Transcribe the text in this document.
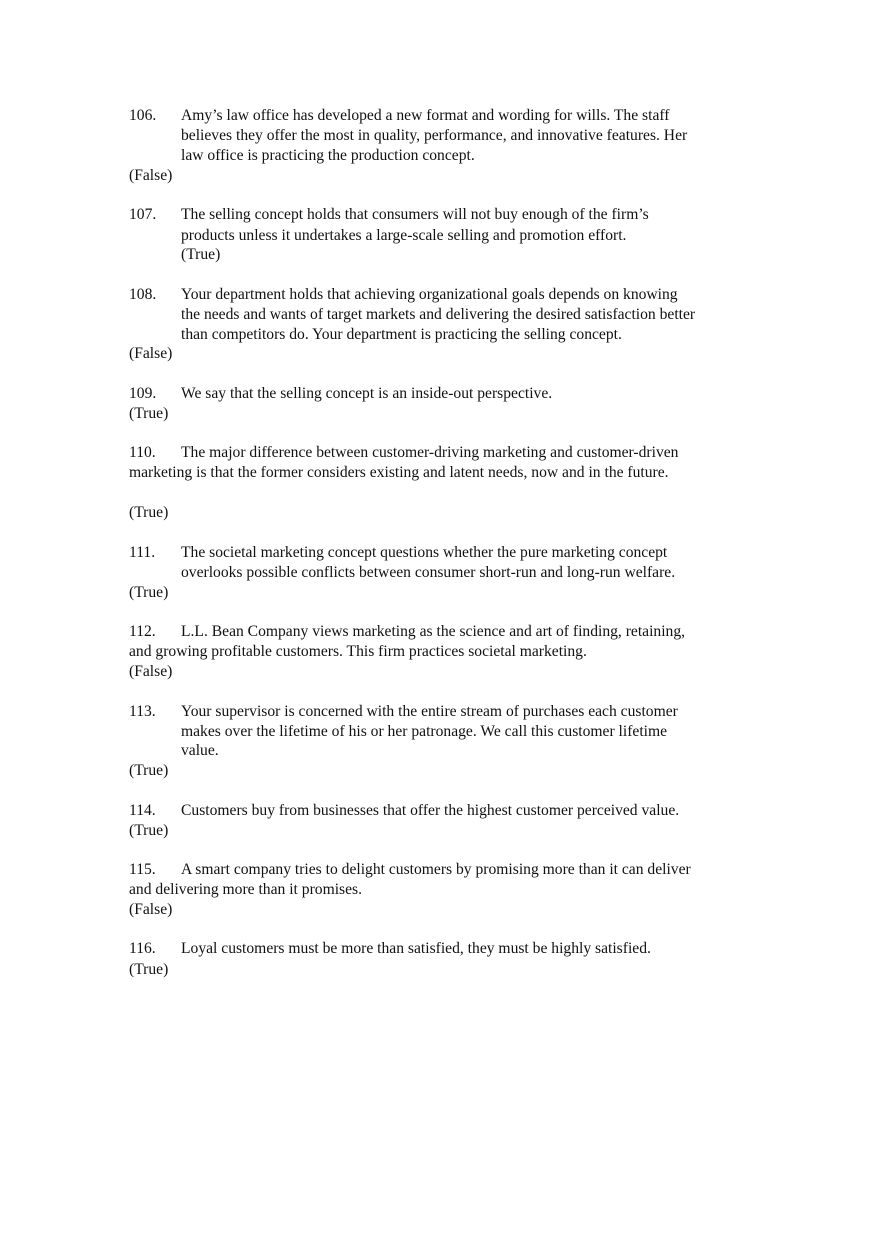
106. Amy’s law office has developed a new format and wording for wills. The staff
believes they offer the most in quality, performance, and innovative features. Her
law office is practicing the production concept.
(False)
107. The selling concept holds that consumers will not buy enough of the firm’s
products unless it undertakes a large-scale selling and promotion effort.
(True)
108. Your department holds that achieving organizational goals depends on knowing
the needs and wants of target markets and delivering the desired satisfaction better
than competitors do. Your department is practicing the selling concept.
(False)
109. We say that the selling concept is an inside-out perspective.
(True)
110. The major difference between customer-driving marketing and customer-driven
marketing is that the former considers existing and latent needs, now and in the future.
(True)
111. The societal marketing concept questions whether the pure marketing concept
overlooks possible conflicts between consumer short-run and long-run welfare.
(True)
112. L.L. Bean Company views marketing as the science and art of finding, retaining,
and growing profitable customers. This firm practices societal marketing.
(False)
113. Your supervisor is concerned with the entire stream of purchases each customer
makes over the lifetime of his or her patronage. We call this customer lifetime
value.
(True)
114. Customers buy from businesses that offer the highest customer perceived value.
(True)
115. A smart company tries to delight customers by promising more than it can deliver
and delivering more than it promises.
(False)
116. Loyal customers must be more than satisfied, they must be highly satisfied.
(True)
